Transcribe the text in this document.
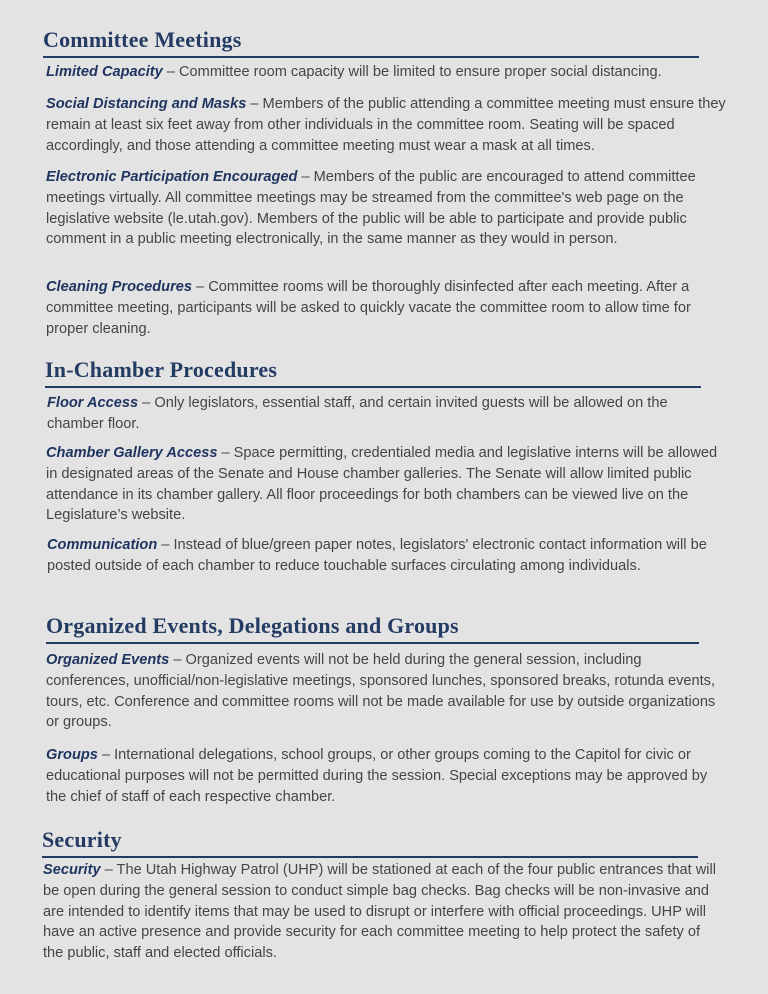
Committee Meetings
Limited Capacity – Committee room capacity will be limited to ensure proper social distancing.
Social Distancing and Masks – Members of the public attending a committee meeting must ensure they remain at least six feet away from other individuals in the committee room. Seating will be spaced accordingly, and those attending a committee meeting must wear a mask at all times.
Electronic Participation Encouraged – Members of the public are encouraged to attend committee meetings virtually. All committee meetings may be streamed from the committee's web page on the legislative website (le.utah.gov). Members of the public will be able to participate and provide public comment in a public meeting electronically, in the same manner as they would in person.
Cleaning Procedures – Committee rooms will be thoroughly disinfected after each meeting. After a committee meeting, participants will be asked to quickly vacate the committee room to allow time for proper cleaning.
In-Chamber Procedures
Floor Access – Only legislators, essential staff, and certain invited guests will be allowed on the chamber floor.
Chamber Gallery Access – Space permitting, credentialed media and legislative interns will be allowed in designated areas of the Senate and House chamber galleries. The Senate will allow limited public attendance in its chamber gallery. All floor proceedings for both chambers can be viewed live on the Legislature’s website.
Communication – Instead of blue/green paper notes, legislators' electronic contact information will be posted outside of each chamber to reduce touchable surfaces circulating among individuals.
Organized Events, Delegations and Groups
Organized Events – Organized events will not be held during the general session, including conferences, unofficial/non-legislative meetings, sponsored lunches, sponsored breaks, rotunda events, tours, etc. Conference and committee rooms will not be made available for use by outside organizations or groups.
Groups – International delegations, school groups, or other groups coming to the Capitol for civic or educational purposes will not be permitted during the session. Special exceptions may be approved by the chief of staff of each respective chamber.
Security
Security – The Utah Highway Patrol (UHP) will be stationed at each of the four public entrances that will be open during the general session to conduct simple bag checks. Bag checks will be non-invasive and are intended to identify items that may be used to disrupt or interfere with official proceedings. UHP will have an active presence and provide security for each committee meeting to help protect the safety of the public, staff and elected officials.
